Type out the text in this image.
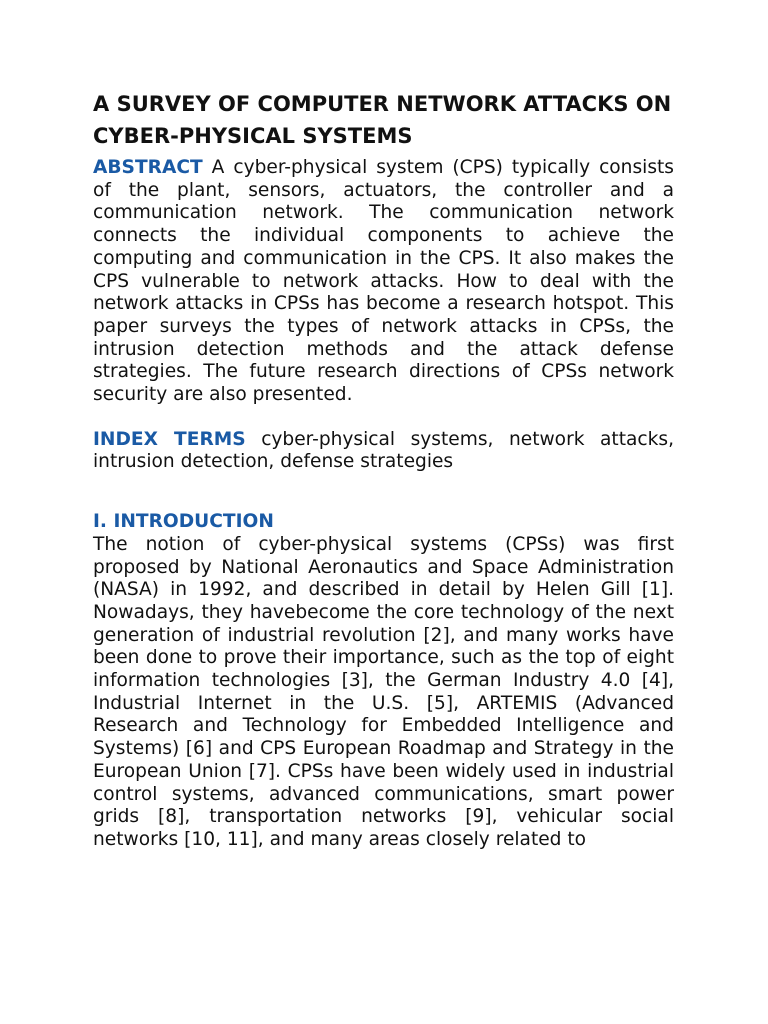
A SURVEY OF COMPUTER NETWORK ATTACKS ON CYBER-PHYSICAL SYSTEMS

ABSTRACT A cyber-physical system (CPS) typically consists of the plant, sensors, actuators, the controller and a communication network. The communication network connects the individual components to achieve the computing and communication in the CPS. It also makes the CPS vulnerable to network attacks. How to deal with the network attacks in CPSs has become a research hotspot. This paper surveys the types of network attacks in CPSs, the intrusion detection methods and the attack defense strategies. The future research directions of CPSs network security are also presented.

INDEX TERMS cyber-physical systems, network attacks, intrusion detection, defense strategies

I. INTRODUCTION

The notion of cyber-physical systems (CPSs) was first proposed by National Aeronautics and Space Administration (NASA) in 1992, and described in detail by Helen Gill [1]. Nowadays, they havebecome the core technology of the next generation of industrial revolution [2], and many works have been done to prove their importance, such as the top of eight information technologies [3], the German Industry 4.0 [4], Industrial Internet in the U.S. [5], ARTEMIS (Advanced Research and Technology for Embedded Intelligence and Systems) [6] and CPS European Roadmap and Strategy in the European Union [7]. CPSs have been widely used in industrial control systems, advanced communications, smart power grids [8], transportation networks [9], vehicular social networks [10, 11], and many areas closely related to
